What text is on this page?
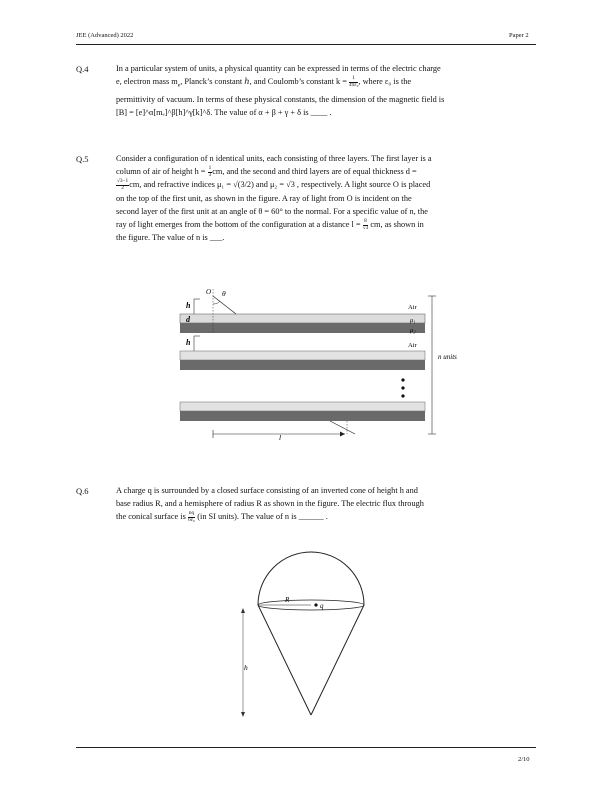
JEE (Advanced) 2022	Paper 2
Q.4	In a particular system of units, a physical quantity can be expressed in terms of the electric charge

e, electron mass $m_e$, Planck’s constant ℎ, and Coulomb’s constant $k = \frac{1}{\text{4πε₀}}$ , where ε₀ is the

permittivity of vacuum. In terms of these physical constants, the dimension of the magnetic field is

[B] = [e]^α[mₑ]^β[h]^γ[k]^δ. The value of α + β + γ + δ is ____ .

Q.5	Consider a configuration of n identical units, each consisting of three layers. The first layer is a

column of air of height $h = \frac{1}{3}$ cm, and the second and third layers are of equal thickness d =

$\frac{√3-1}{2}$ cm, and refractive indices μ₁ = √(3/2) and μ₂ = √3 , respectively. A light source O is placed

on the top of the first unit, as shown in the figure. A ray of light from O is incident on the

second layer of the first unit at an angle of θ = 60° to the normal. For a specific value of n, the

ray of light emerges from the bottom of the configuration at a distance $l = \frac{8}{√3}$ cm, as shown in

the figure. The value of n is ___.

O θ
h
d
h
Air
μ₁
μ₂
Air
n units
l
Q.6	A charge q is surrounded by a closed surface consisting of an inverted cone of height h and

base radius R, and a hemisphere of radius R as shown in the figure. The electric flux through

the conical surface is $\frac{nq}{\text{6ε₀}} (in$ SI units). The value of n is ______ .

R
q
h
2/10
